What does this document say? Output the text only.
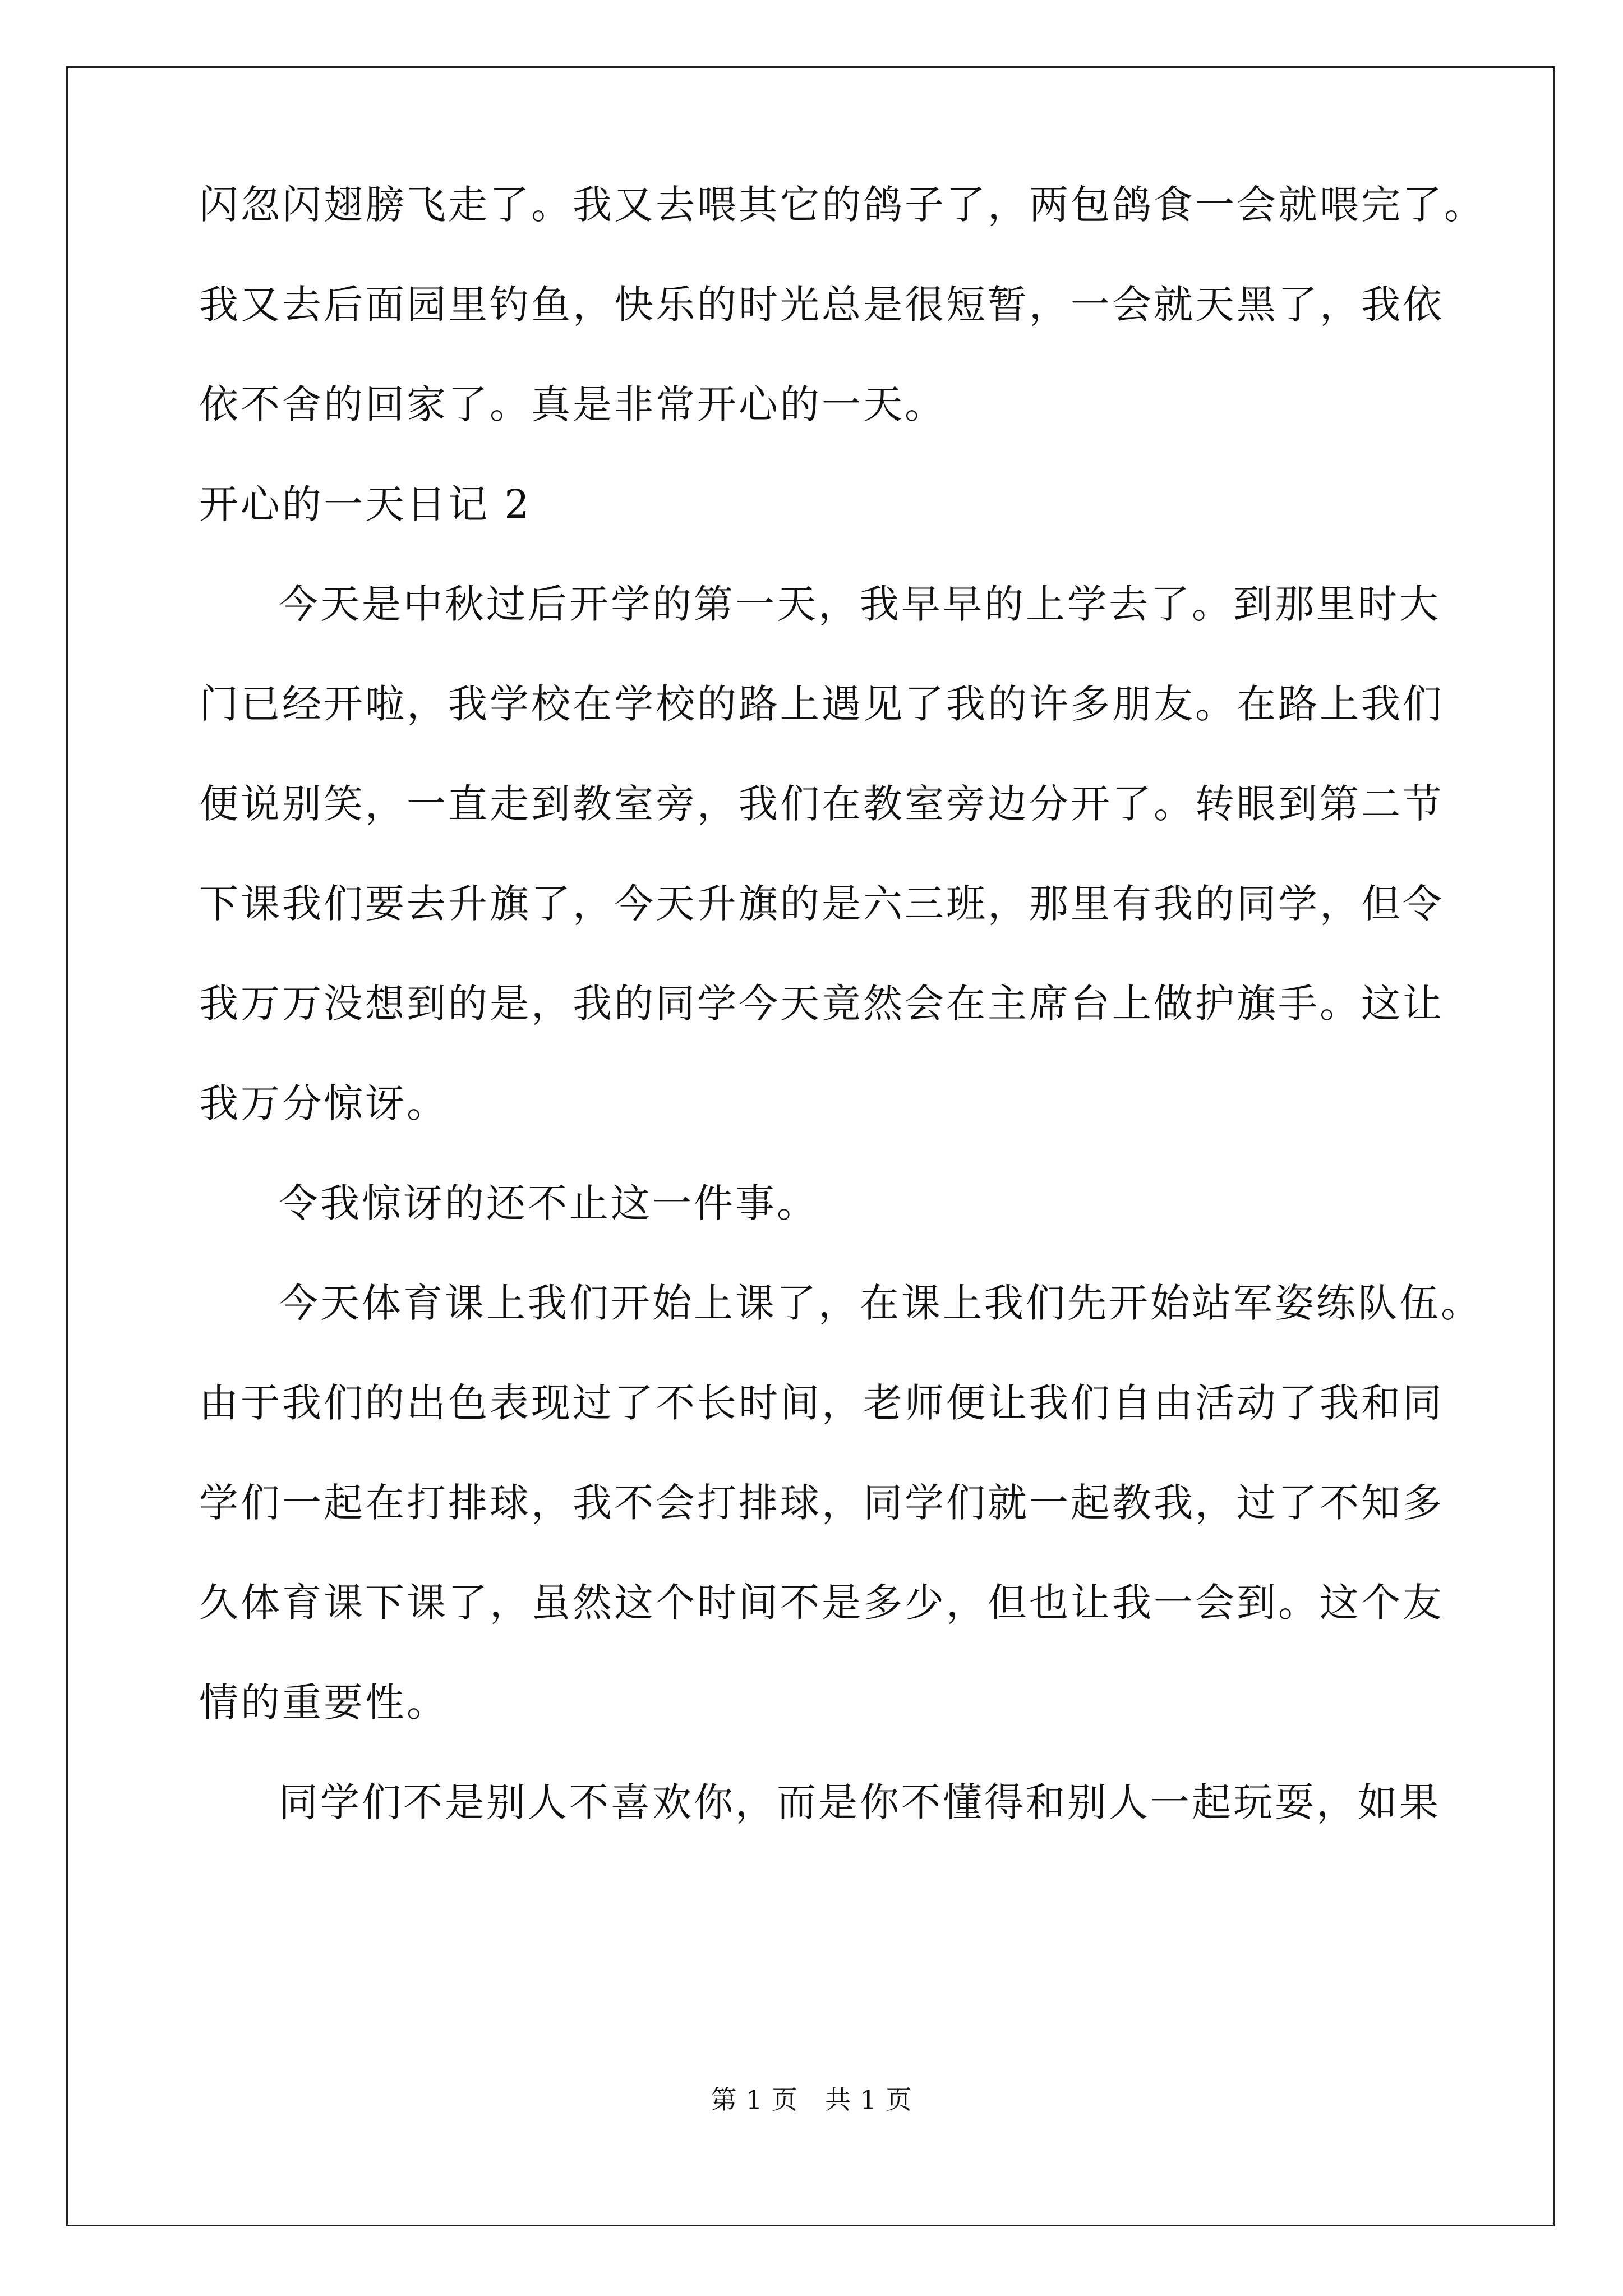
闪忽闪翅膀飞走了。我又去喂其它的鸽子了，两包鸽食一会就喂完了。
我又去后面园里钓鱼，快乐的时光总是很短暂，一会就天黑了，我依
依不舍的回家了。真是非常开心的一天。
开心的一天日记 2
今天是中秋过后开学的第一天，我早早的上学去了。到那里时大
门已经开啦，我学校在学校的路上遇见了我的许多朋友。在路上我们
便说别笑，一直走到教室旁，我们在教室旁边分开了。转眼到第二节
下课我们要去升旗了，今天升旗的是六三班，那里有我的同学，但令
我万万没想到的是，我的同学今天竟然会在主席台上做护旗手。这让
我万分惊讶。
令我惊讶的还不止这一件事。
今天体育课上我们开始上课了，在课上我们先开始站军姿练队伍。
由于我们的出色表现过了不长时间，老师便让我们自由活动了我和同
学们一起在打排球，我不会打排球，同学们就一起教我，过了不知多
久体育课下课了，虽然这个时间不是多少，但也让我一会到。这个友
情的重要性。
同学们不是别人不喜欢你，而是你不懂得和别人一起玩耍，如果
第 1 页 共 1 页
